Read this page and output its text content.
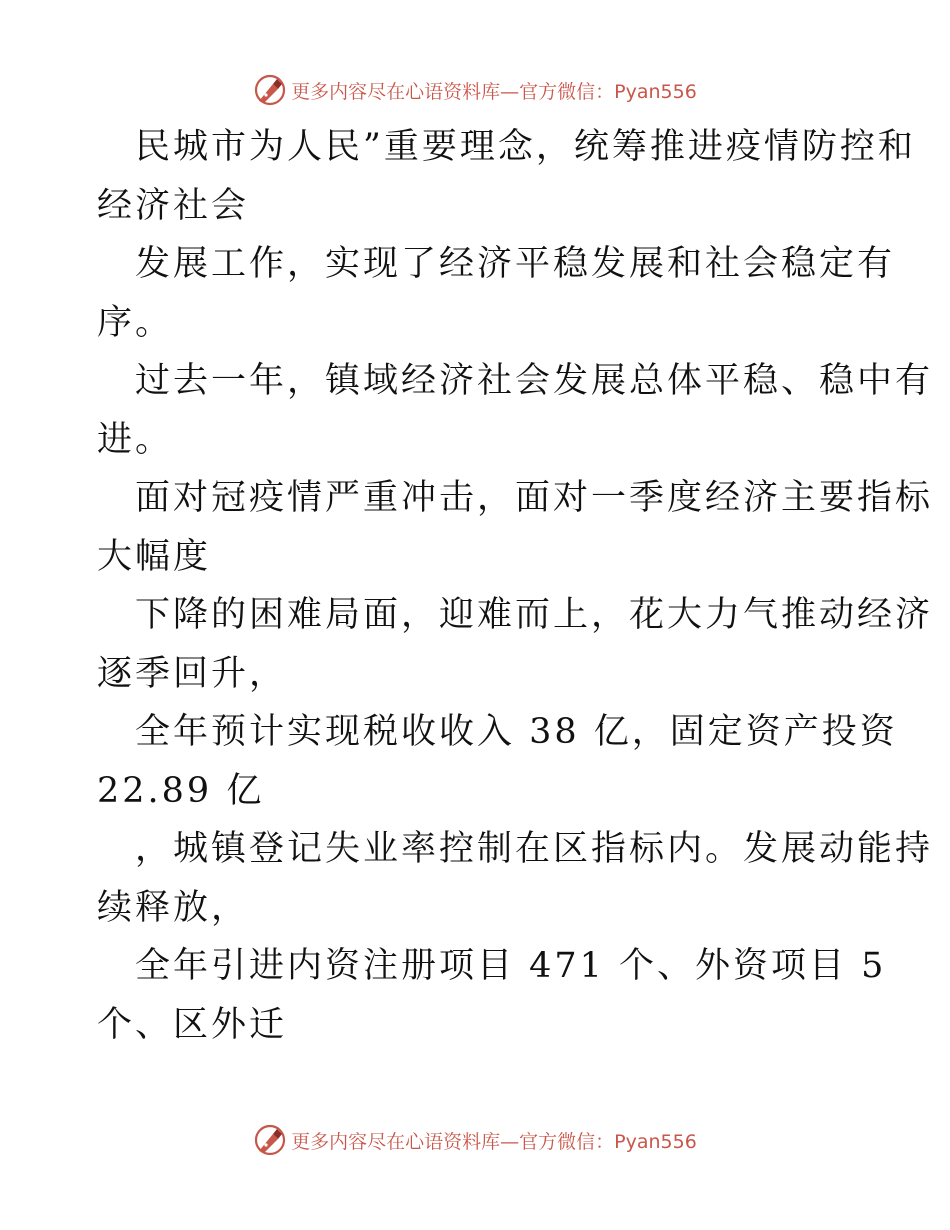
更多内容尽在心语资料库—官方微信：Pyan556
民城市为人民”重要理念，统筹推进疫情防控和
经济社会
发展工作，实现了经济平稳发展和社会稳定有
序。
过去一年，镇域经济社会发展总体平稳、稳中有
进。
面对冠疫情严重冲击，面对一季度经济主要指标
大幅度
下降的困难局面，迎难而上，花大力气推动经济
逐季回升，
全年预计实现税收收入 38 亿，固定资产投资
22.89 亿
，城镇登记失业率控制在区指标内。发展动能持
续释放，
全年引进内资注册项目 471 个、外资项目 5
个、区外迁
更多内容尽在心语资料库—官方微信：Pyan556
